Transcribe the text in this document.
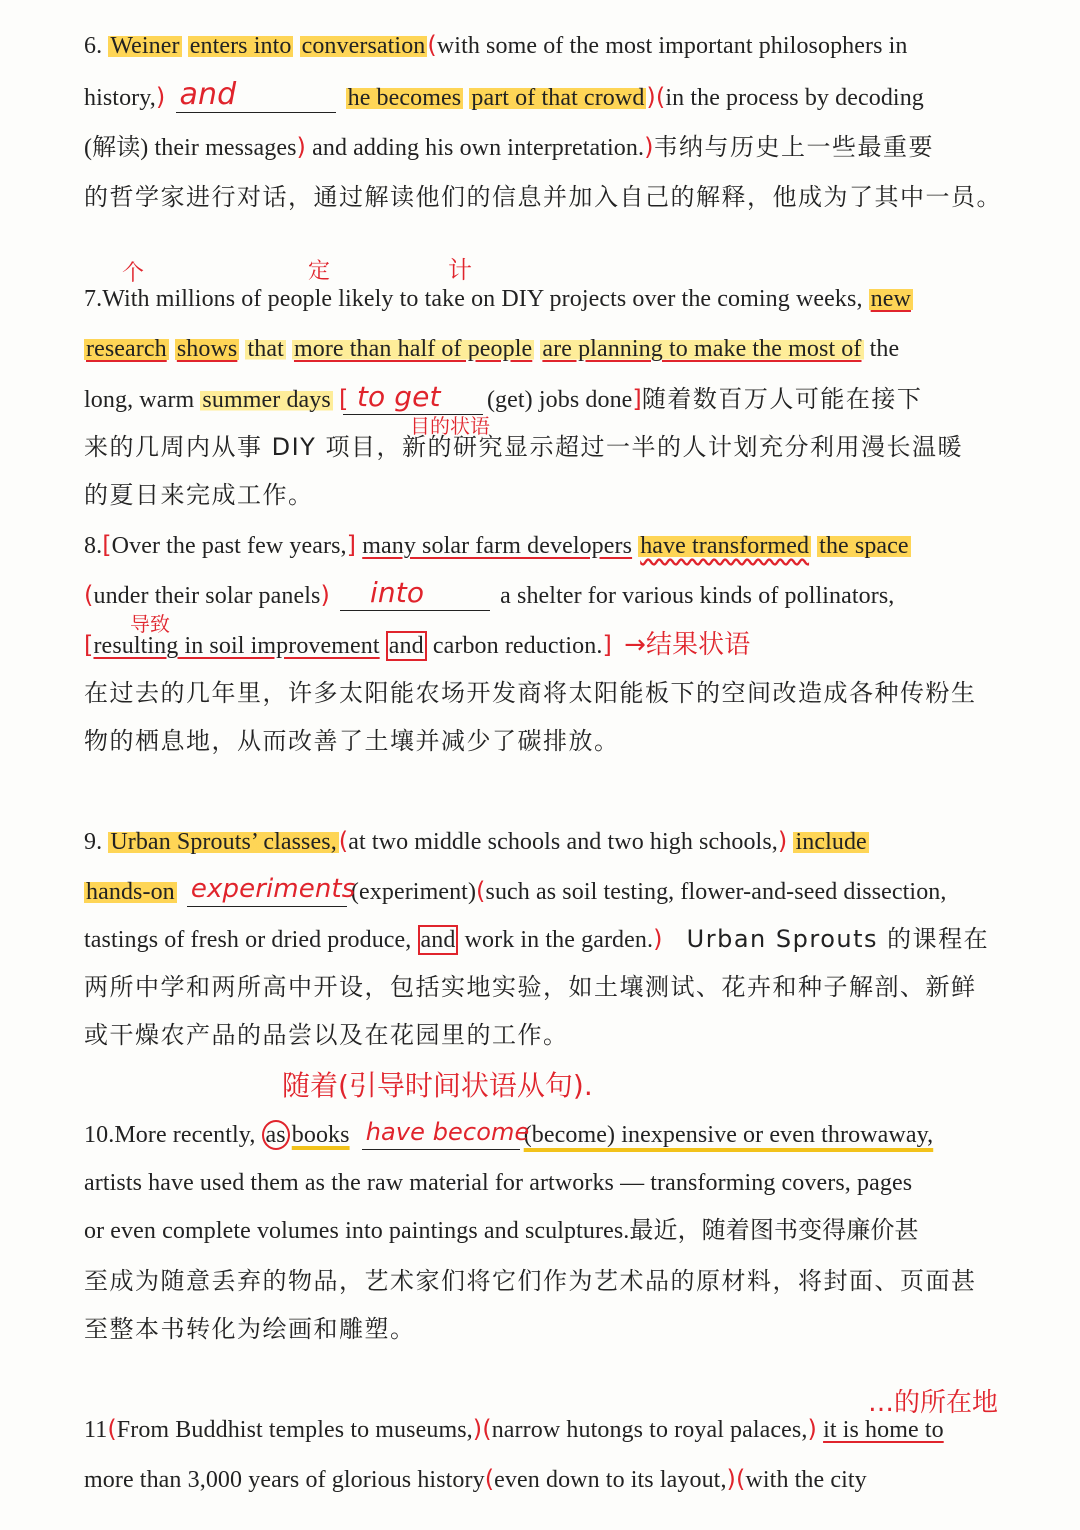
6. Weiner enters into conversation(with some of the most important philosophers in
history,) and	he becomes part of that crowd)(in the process by decoding
(解读) their messages) and adding his own interpretation.)韦纳与历史上一些最重要
的哲学家进行对话，通过解读他们的信息并加入自己的解释，他成为了其中一员。
个	定	计
7.With millions of people likely to take on DIY projects over the coming weeks, new
research shows that more than half of people are planning to make the most of the
long, warm summer days [ to get (get) jobs done]随着数百万人可能在接下
目的状语
来的几周内从事 DIY 项目，新的研究显示超过一半的人计划充分利用漫长温暖
的夏日来完成工作。
8.[Over the past few years,] many solar farm developers have transformed the space
(under their solar panels) into	a shelter for various kinds of pollinators,
导致
[resulting in soil improvement and carbon reduction.] →结果状语
在过去的几年里，许多太阳能农场开发商将太阳能板下的空间改造成各种传粉生
物的栖息地，从而改善了土壤并减少了碳排放。
9. Urban Sprouts’ classes,(at two middle schools and two high schools,) include
hands-on experiments
(experiment)(such as soil testing, flower-and-seed dissection,
tastings of fresh or dried produce, and work in the garden.) Urban Sprouts 的课程在
两所中学和两所高中开设，包括实地实验，如土壤测试、花卉和种子解剖、新鲜
或干燥农产品的品尝以及在花园里的工作。
随着(引导时间状语从句).
10.More recently, as books have become
(become) inexpensive or even throwaway,
artists have used them as the raw material for artworks — transforming covers, pages
or even complete volumes into paintings and sculptures.最近，随着图书变得廉价甚
至成为随意丢弃的物品，艺术家们将它们作为艺术品的原材料，将封面、页面甚
至整本书转化为绘画和雕塑。
…的所在地
11(From Buddhist temples to museums,)(narrow hutongs to royal palaces,) it is home to
more than 3,000 years of glorious history(even down to its layout,)(with the city
